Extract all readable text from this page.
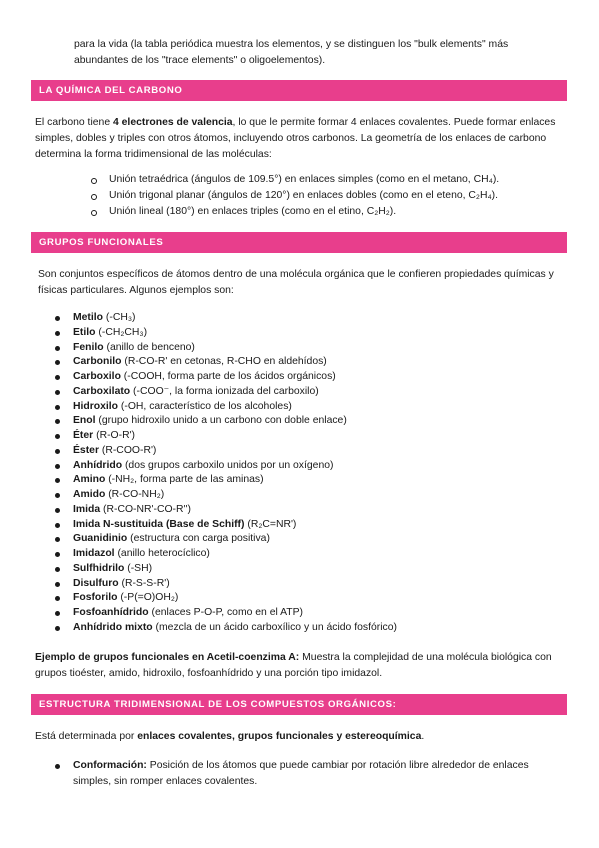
para la vida (la tabla periódica muestra los elementos, y se distinguen los "bulk elements" más
abundantes de los "trace elements" o oligoelementos).
LA QUÍMICA DEL CARBONO
El carbono tiene 4 electrones de valencia, lo que le permite formar 4 enlaces covalentes. Puede formar enlaces simples, dobles y triples con otros átomos, incluyendo otros carbonos. La geometría de los enlaces de carbono determina la forma tridimensional de las moléculas:
Unión tetraédrica (ángulos de 109.5°) en enlaces simples (como en el metano, CH₄).
Unión trigonal planar (ángulos de 120°) en enlaces dobles (como en el eteno, C₂H₄).
Unión lineal (180°) en enlaces triples (como en el etino, C₂H₂).
GRUPOS FUNCIONALES
Son conjuntos específicos de átomos dentro de una molécula orgánica que le confieren propiedades químicas y físicas particulares. Algunos ejemplos son:
Metilo (-CH₃)
Etilo (-CH₂CH₃)
Fenilo (anillo de benceno)
Carbonilo (R-CO-R' en cetonas, R-CHO en aldehídos)
Carboxilo (-COOH, forma parte de los ácidos orgánicos)
Carboxilato (-COO⁻, la forma ionizada del carboxilo)
Hidroxilo (-OH, característico de los alcoholes)
Enol (grupo hidroxilo unido a un carbono con doble enlace)
Éter (R-O-R')
Éster (R-COO-R')
Anhídrido (dos grupos carboxilo unidos por un oxígeno)
Amino (-NH₂, forma parte de las aminas)
Amido (R-CO-NH₂)
Imida (R-CO-NR'-CO-R'')
Imida N-sustituida (Base de Schiff) (R₂C=NR')
Guanidinio (estructura con carga positiva)
Imidazol (anillo heterocíclico)
Sulfhidrilo (-SH)
Disulfuro (R-S-S-R')
Fosforilo (-P(=O)OH₂)
Fosfoanhídrido (enlaces P-O-P, como en el ATP)
Anhídrido mixto (mezcla de un ácido carboxílico y un ácido fosfórico)
Ejemplo de grupos funcionales en Acetil-coenzima A: Muestra la complejidad de una molécula biológica con grupos tioéster, amido, hidroxilo, fosfoanhídrido y una porción tipo imidazol.
ESTRUCTURA TRIDIMENSIONAL DE LOS COMPUESTOS ORGÁNICOS:
Está determinada por enlaces covalentes, grupos funcionales y estereoquímica.
Conformación: Posición de los átomos que puede cambiar por rotación libre alrededor de enlaces simples, sin romper enlaces covalentes.
